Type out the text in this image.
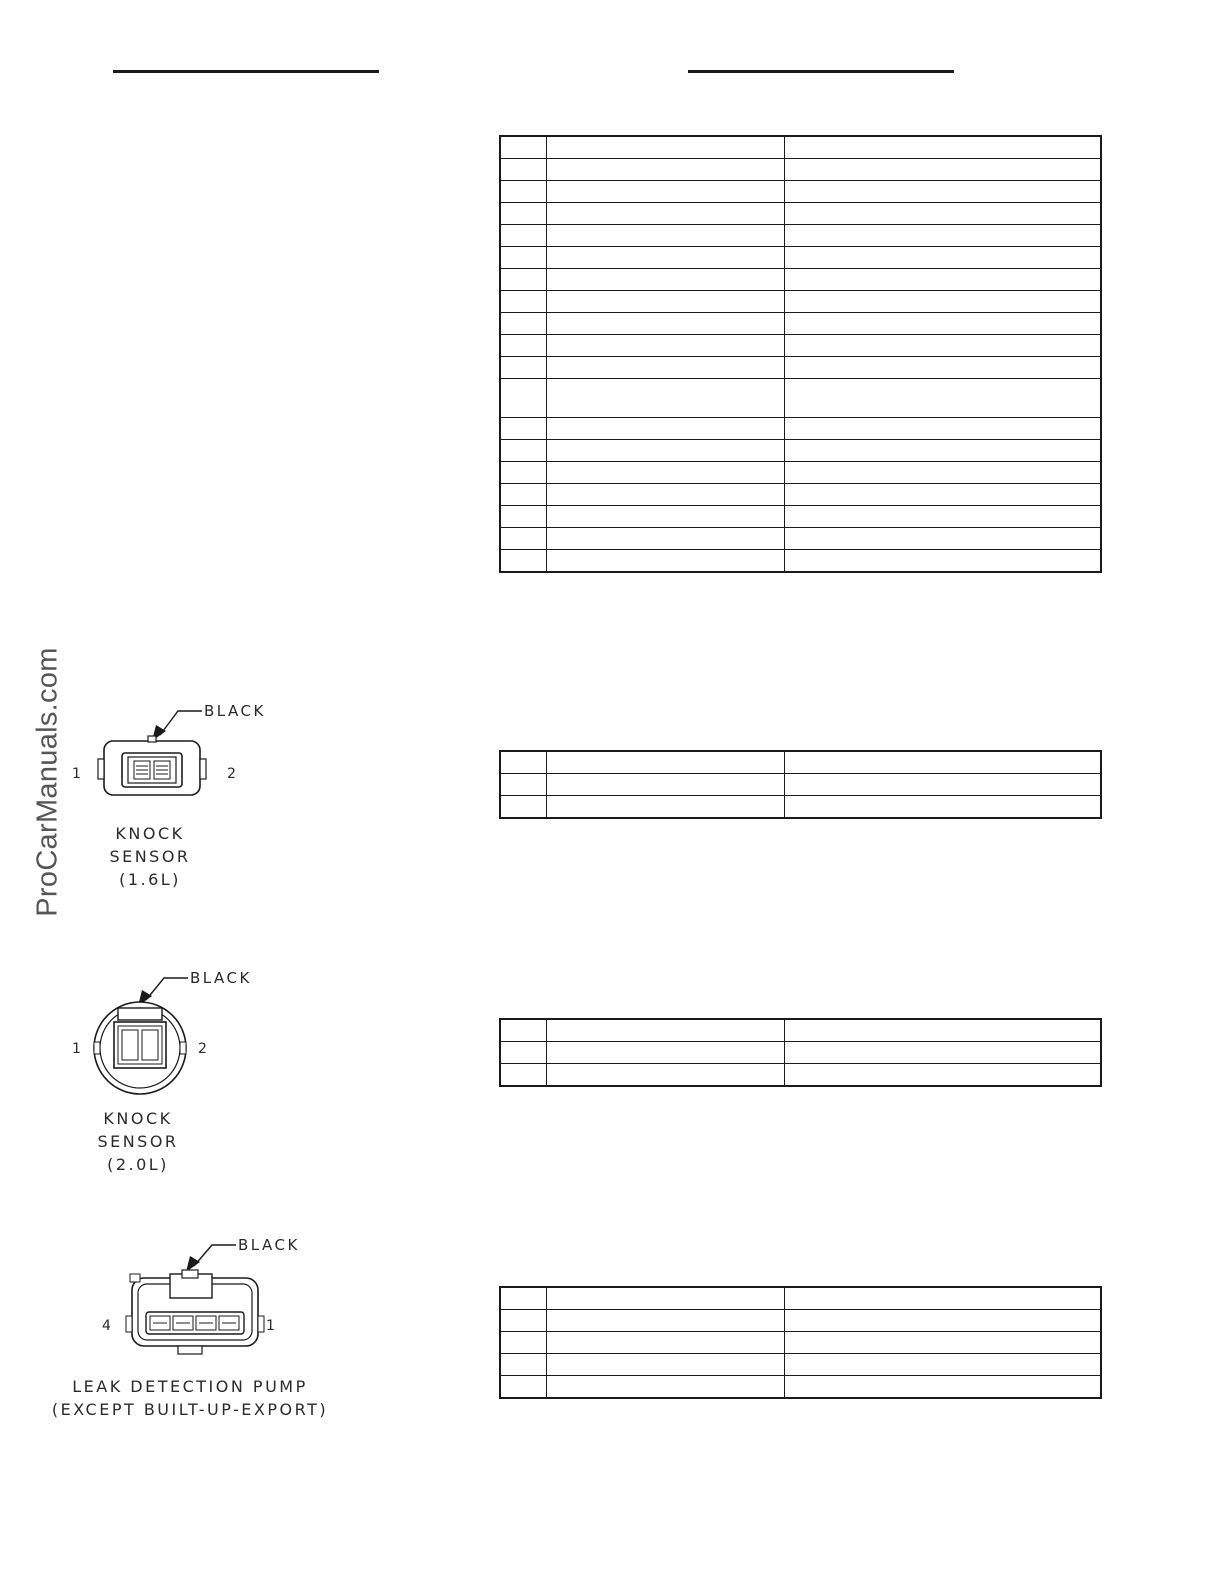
ProCarManuals.com

			BLACK
1	2
KNOCK
SENSOR
(1.6L)
BLACK
1	2
KNOCK
SENSOR
(2.0L)
BLACK
4	1
LEAK DETECTION PUMP
(EXCEPT BUILT-UP-EXPORT)
